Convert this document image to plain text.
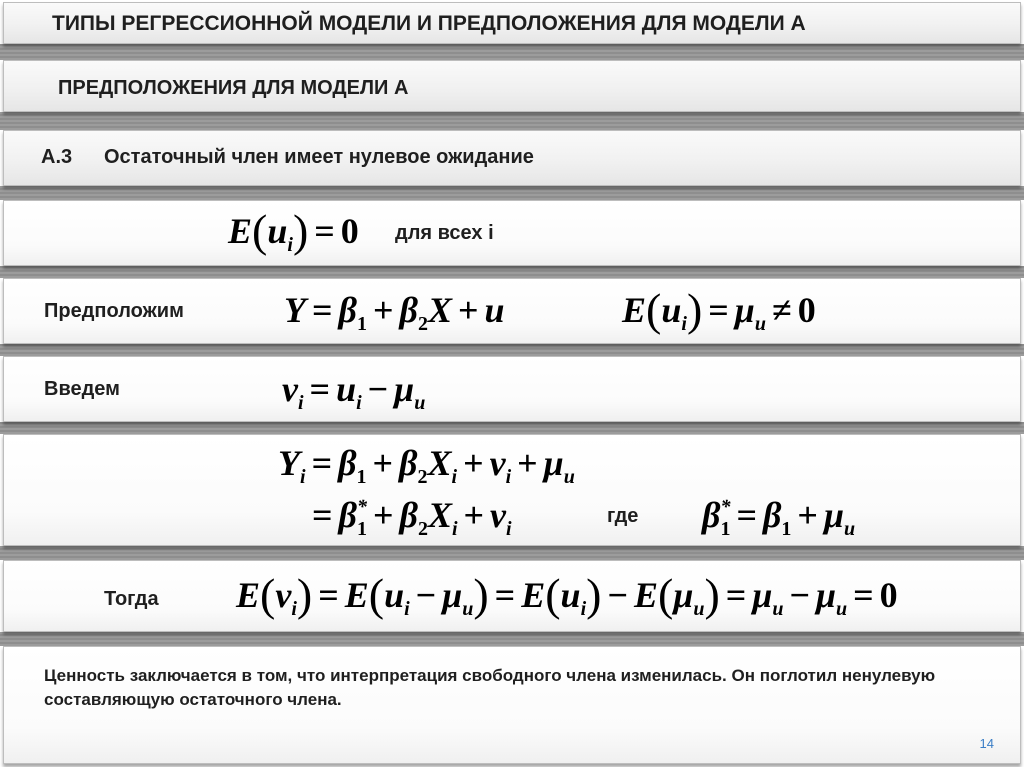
ТИПЫ РЕГРЕССИОННОЙ МОДЕЛИ И ПРЕДПОЛОЖЕНИЯ ДЛЯ МОДЕЛИ А
ПРЕДПОЛОЖЕНИЯ ДЛЯ МОДЕЛИ А
A.3 Остаточный член имеет нулевое ожидание
$E(u_i) = 0$ для всех i
Предположим	$Y = \beta_1 + \beta_2X + u$	$E(u_i) = \mu_u \ne 0$
Введем	$v_i = u_i - \mu_u$
$Y_i = \beta_1 + \beta_2X_i + v_i + \mu_u$
= $\beta_1^* + \beta_2X_i + v_i$
где $\beta_1^* = \beta_1 + \mu_u$
Тогда $E(v_i) = E(u_i - \mu_u) = E(u_i) - E(\mu_u) = \mu_u - \mu_u = 0$
Ценность заключается в том, что интерпретация свободного члена изменилась. Он поглотил ненулевую составляющую остаточного члена.
14
